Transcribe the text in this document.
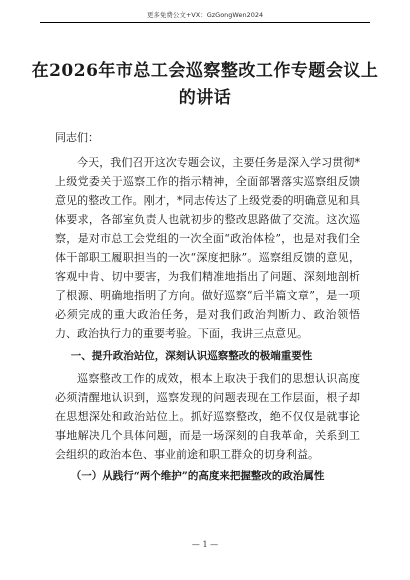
更多免费公文+VX：GzGongWen2024
在2026年市总工会巡察整改工作专题会议上的讲话

同志们：

今天，我们召开这次专题会议，主要任务是深入学习贯彻*上级党委关于巡察工作的指示精神，全面部署落实巡察组反馈意见的整改工作。刚才，*同志传达了上级党委的明确意见和具体要求，各部室负责人也就初步的整改思路做了交流。这次巡察，是对市总工会党组的一次全面“政治体检”，也是对我们全体干部职工履职担当的一次“深度把脉”。巡察组反馈的意见，客观中肯、切中要害，为我们精准地指出了问题、深刻地剖析了根源、明确地指明了方向。做好巡察“后半篇文章”，是一项必须完成的重大政治任务，是对我们政治判断力、政治领悟力、政治执行力的重要考验。下面，我讲三点意见。

一、提升政治站位，深刻认识巡察整改的极端重要性

巡察整改工作的成效，根本上取决于我们的思想认识高度必须清醒地认识到，巡察发现的问题表现在工作层面，根子却在思想深处和政治站位上。抓好巡察整改，绝不仅仅是就事论事地解决几个具体问题，而是一场深刻的自我革命，关系到工会组织的政治本色、事业前途和职工群众的切身利益。

（一）从践行“两个维护”的高度来把握整改的政治属性

— 1 —
